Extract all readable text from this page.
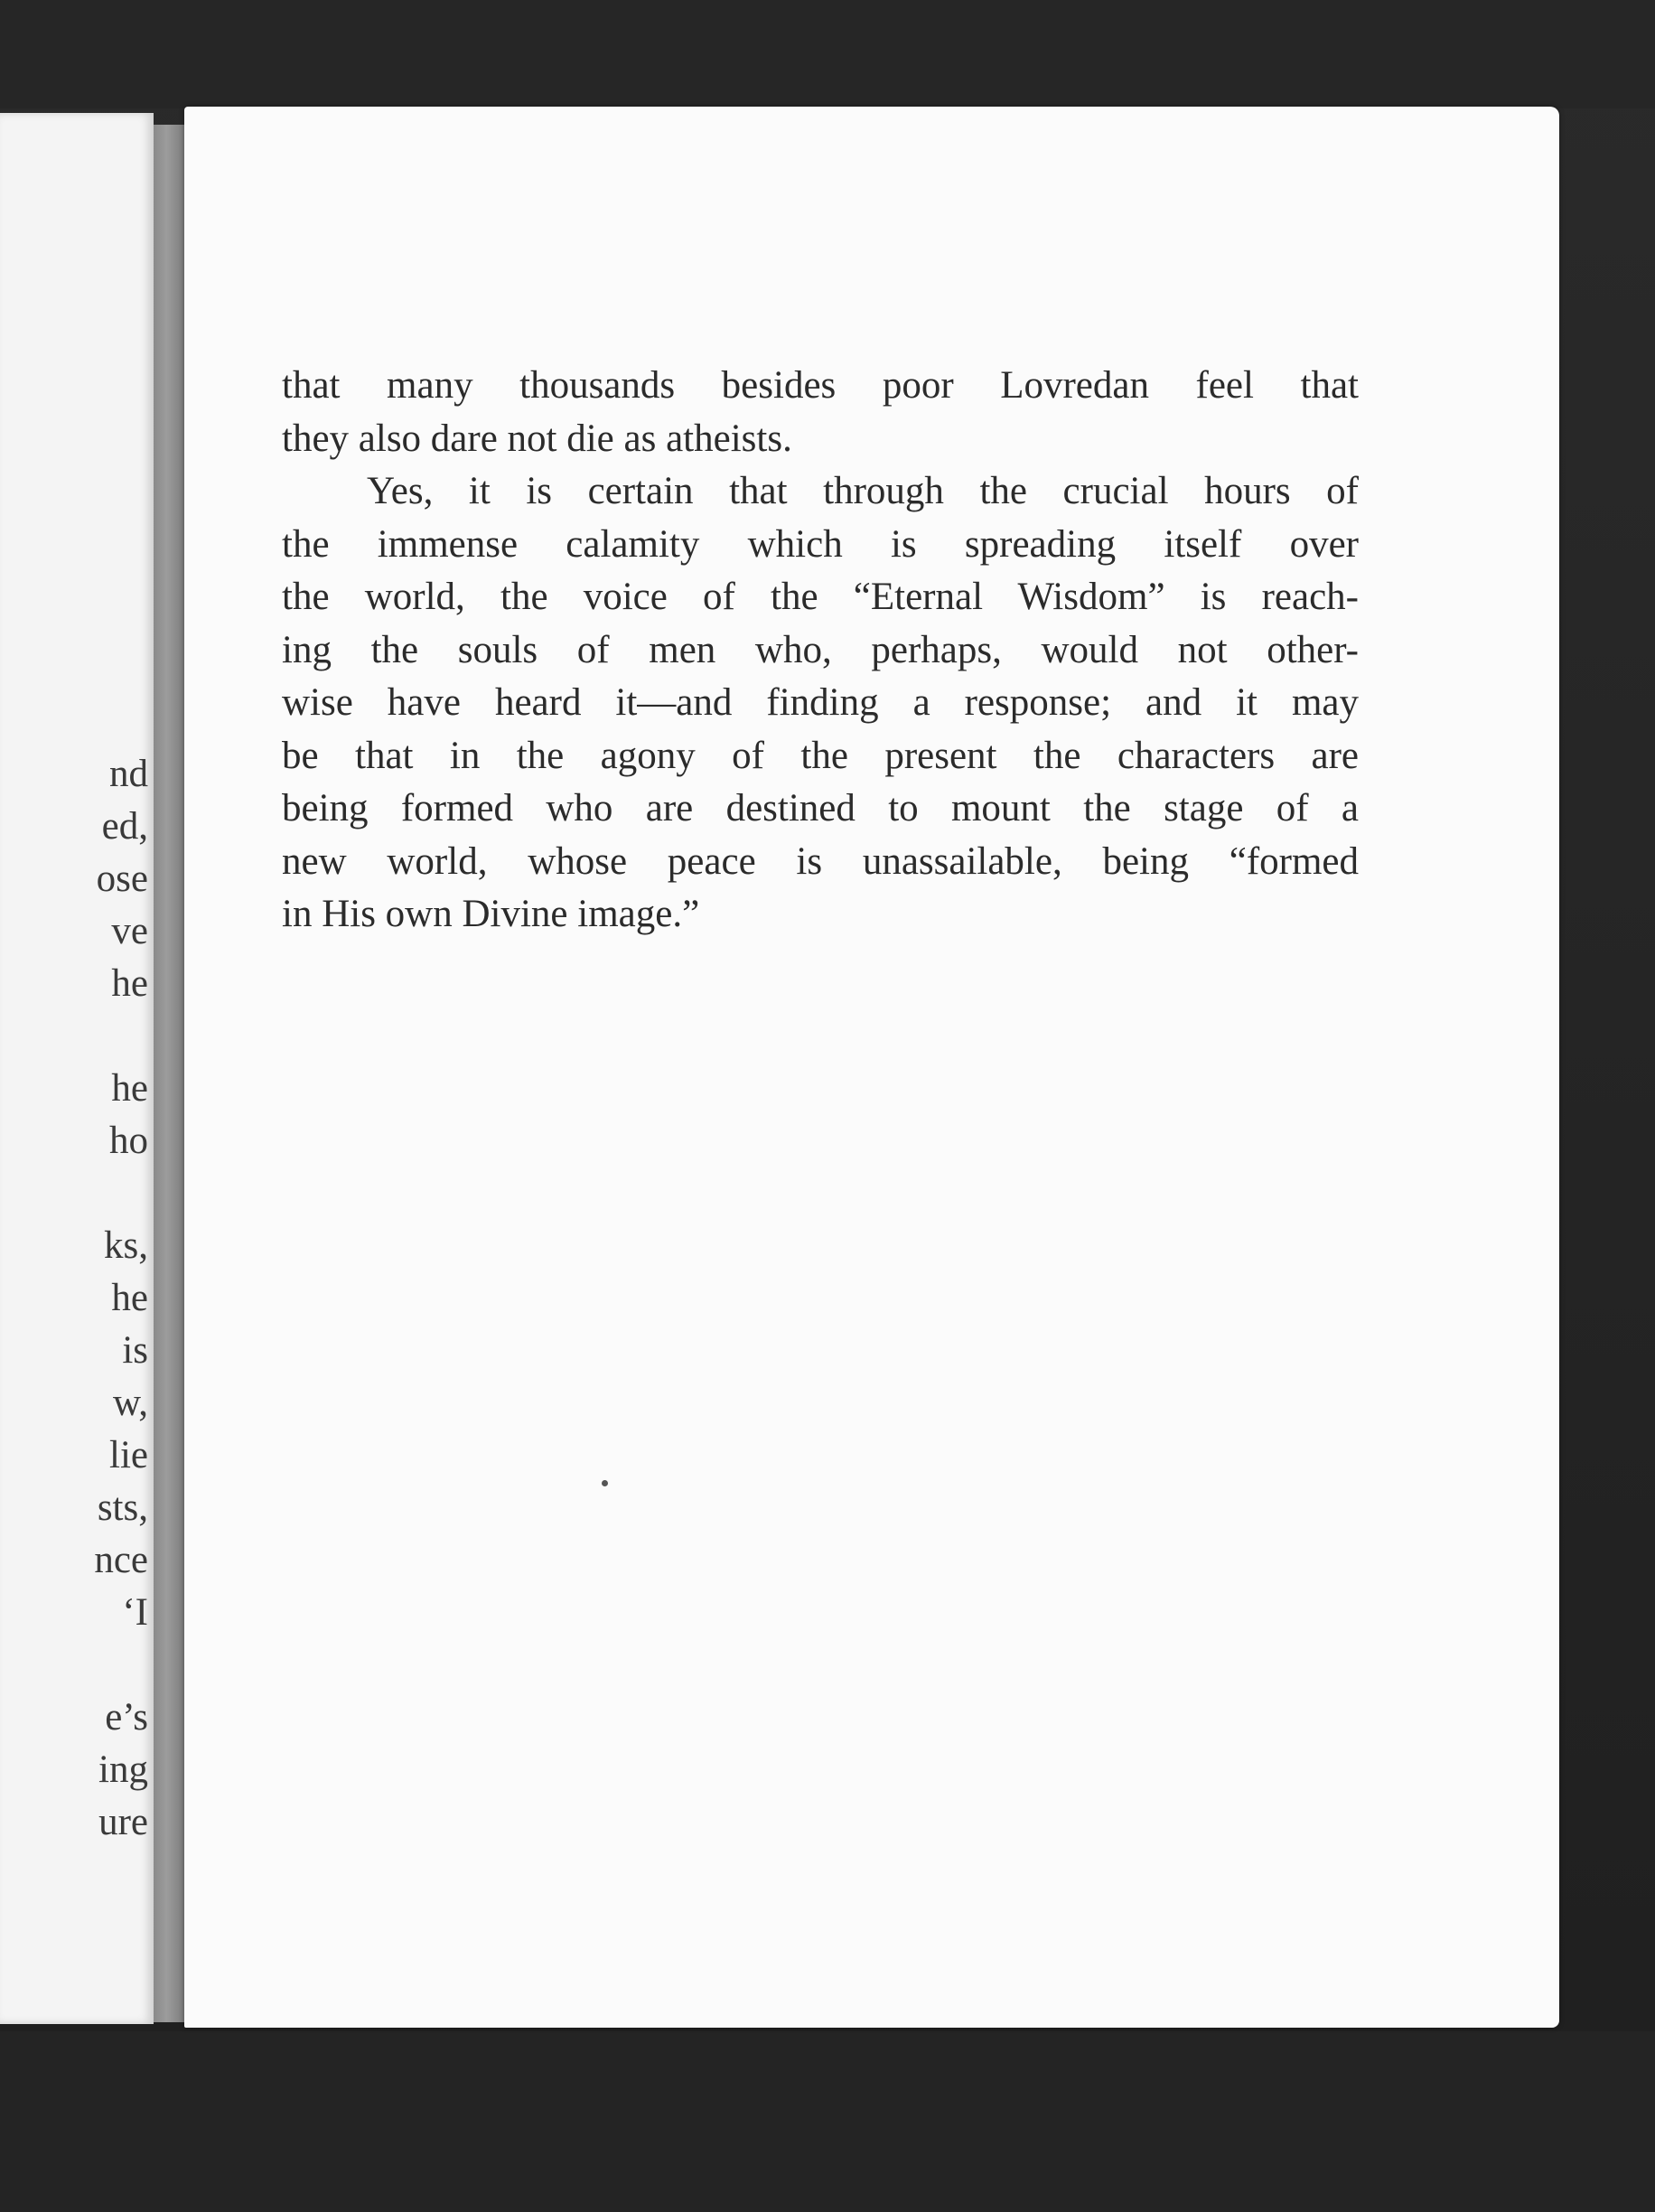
nd

ed,

ose

ve

he

he

ho

ks,

he

is

w,

lie

sts,

nce

‘I

e’s

ing

ure

that many thousands besides poor Lovredan feel that
they also dare not die as atheists.
Yes, it is certain that through the crucial hours of
the immense calamity which is spreading itself over
the world, the voice of the “Eternal Wisdom” is reach-
ing the souls of men who, perhaps, would not other-
wise have heard it—and finding a response; and it may
be that in the agony of the present the characters are
being formed who are destined to mount the stage of a
new world, whose peace is unassailable, being “formed
in His own Divine image.”
